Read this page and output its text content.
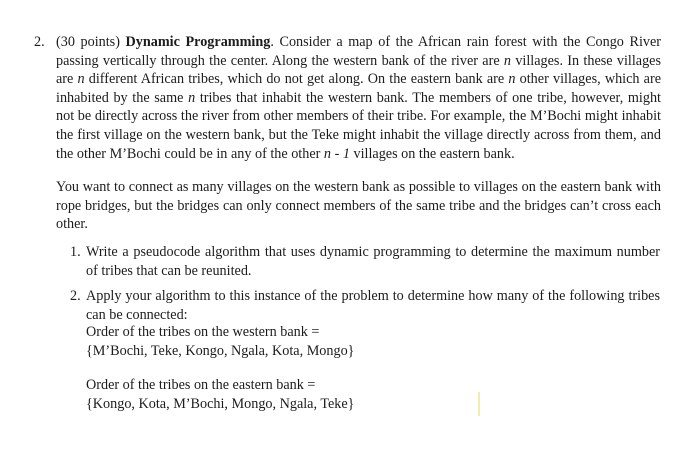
2. (30 points) Dynamic Programming. Consider a map of the African rain forest with the Congo River passing vertically through the center. Along the western bank of the river are n villages. In these villages are n different African tribes, which do not get along. On the eastern bank are n other villages, which are inhabited by the same n tribes that inhabit the western bank. The members of one tribe, however, might not be directly across the river from other members of their tribe. For example, the M’Bochi might inhabit the first village on the western bank, but the Teke might inhabit the village directly across from them, and the other M’Bochi could be in any of the other n - 1 villages on the eastern bank.
You want to connect as many villages on the western bank as possible to villages on the eastern bank with rope bridges, but the bridges can only connect members of the same tribe and the bridges can’t cross each other.
1. Write a pseudocode algorithm that uses dynamic programming to determine the maximum number of tribes that can be reunited.
2. Apply your algorithm to this instance of the problem to determine how many of the following tribes can be connected:
Order of the tribes on the western bank =
{M’Bochi, Teke, Kongo, Ngala, Kota, Mongo}
Order of the tribes on the eastern bank =
{Kongo, Kota, M’Bochi, Mongo, Ngala, Teke}
